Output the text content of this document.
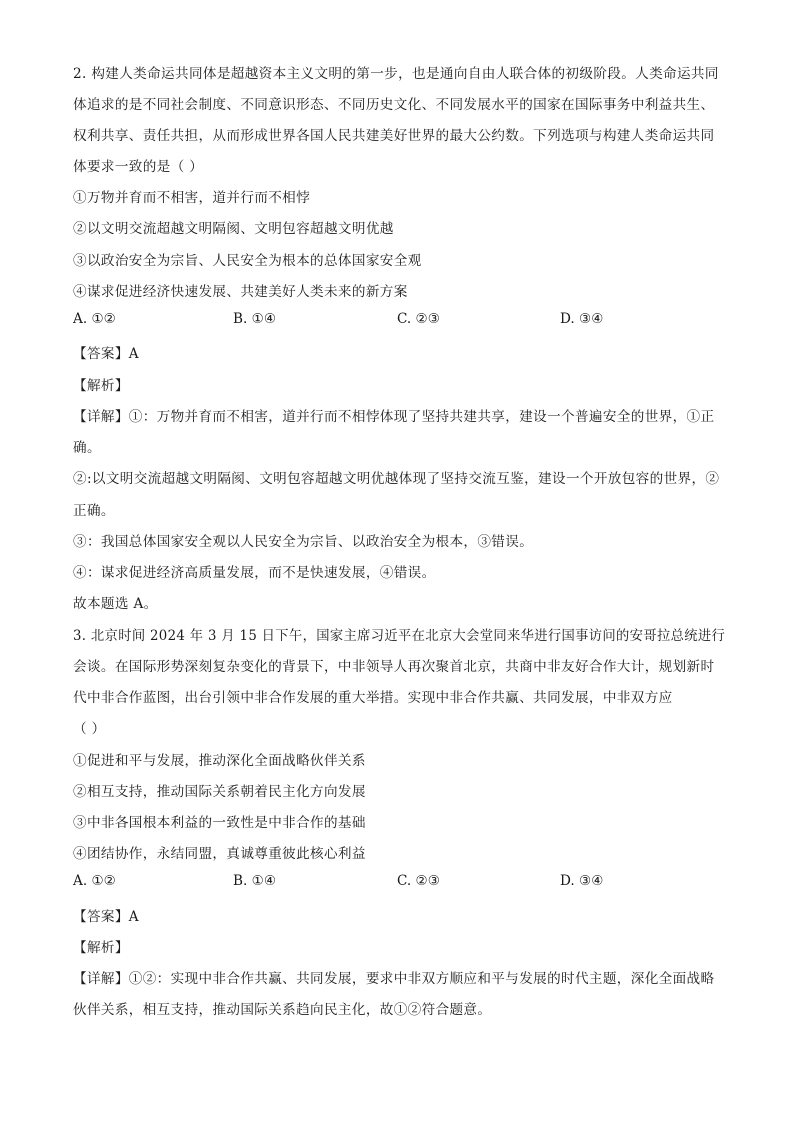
2. 构建人类命运共同体是超越资本主义文明的第一步，也是通向自由人联合体的初级阶段。人类命运共同
体追求的是不同社会制度、不同意识形态、不同历史文化、不同发展水平的国家在国际事务中利益共生、
权利共享、责任共担，从而形成世界各国人民共建美好世界的最大公约数。下列选项与构建人类命运共同
体要求一致的是（ ）
①万物并育而不相害，道并行而不相悖
②以文明交流超越文明隔阂、文明包容超越文明优越
③以政治安全为宗旨、人民安全为根本的总体国家安全观
④谋求促进经济快速发展、共建美好人类未来的新方案
A. ①②	B. ①④	C. ②③	D. ③④
【答案】A
【解析】
【详解】①：万物并育而不相害，道并行而不相悖体现了坚持共建共享，建设一个普遍安全的世界，①正
确。
②:以文明交流超越文明隔阂、文明包容超越文明优越体现了坚持交流互鉴，建设一个开放包容的世界，②
正确。
③：我国总体国家安全观以人民安全为宗旨、以政治安全为根本，③错误。
④：谋求促进经济高质量发展，而不是快速发展，④错误。
故本题选 A。
3. 北京时间 2024 年 3 月 15 日下午，国家主席习近平在北京大会堂同来华进行国事访问的安哥拉总统进行
会谈。在国际形势深刻复杂变化的背景下，中非领导人再次聚首北京，共商中非友好合作大计，规划新时
代中非合作蓝图，出台引领中非合作发展的重大举措。实现中非合作共赢、共同发展，中非双方应
（ ）
①促进和平与发展，推动深化全面战略伙伴关系
②相互支持，推动国际关系朝着民主化方向发展
③中非各国根本利益的一致性是中非合作的基础
④团结协作，永结同盟，真诚尊重彼此核心利益
A. ①②	B. ①④	C. ②③	D. ③④
【答案】A
【解析】
【详解】①②：实现中非合作共赢、共同发展，要求中非双方顺应和平与发展的时代主题，深化全面战略
伙伴关系，相互支持，推动国际关系趋向民主化，故①②符合题意。
